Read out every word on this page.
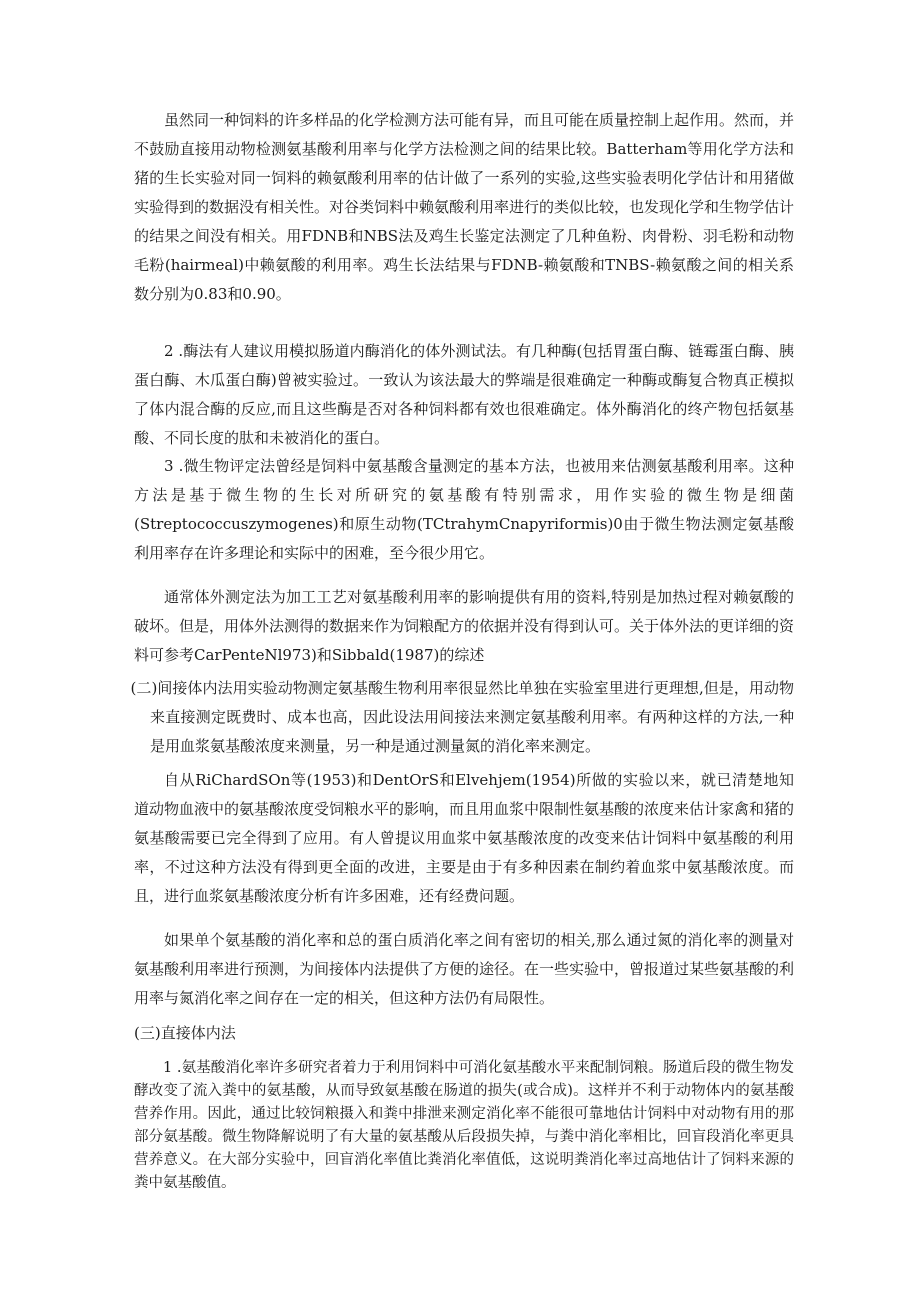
虽然同一种饲料的许多样品的化学检测方法可能有异，而且可能在质量控制上起作用。然而，并不鼓励直接用动物检测氨基酸利用率与化学方法检测之间的结果比较。Batterham等用化学方法和猪的生长实验对同一饲料的赖氨酸利用率的估计做了一系列的实验,这些实验表明化学估计和用猪做实验得到的数据没有相关性。对谷类饲料中赖氨酸利用率进行的类似比较，也发现化学和生物学估计的结果之间没有相关。用FDNB和NBS法及鸡生长鉴定法测定了几种鱼粉、肉骨粉、羽毛粉和动物毛粉(hairmeal)中赖氨酸的利用率。鸡生长法结果与FDNB-赖氨酸和TNBS-赖氨酸之间的相关系数分别为0.83和0.90。

2 .酶法有人建议用模拟肠道内酶消化的体外测试法。有几种酶(包括胃蛋白酶、链霉蛋白酶、胰蛋白酶、木瓜蛋白酶)曾被实验过。一致认为该法最大的弊端是很难确定一种酶或酶复合物真正模拟了体内混合酶的反应,而且这些酶是否对各种饲料都有效也很难确定。体外酶消化的终产物包括氨基酸、不同长度的肽和未被消化的蛋白。

3 .微生物评定法曾经是饲料中氨基酸含量测定的基本方法，也被用来估测氨基酸利用率。这种方法是基于微生物的生长对所研究的氨基酸有特别需求，用作实验的微生物是细菌(Streptococcuszymogenes)和原生动物(TCtrahymCnapyriformis)0由于微生物法测定氨基酸利用率存在许多理论和实际中的困难，至今很少用它。

通常体外测定法为加工工艺对氨基酸利用率的影响提供有用的资料,特别是加热过程对赖氨酸的破坏。但是，用体外法测得的数据来作为饲粮配方的依据并没有得到认可。关于体外法的更详细的资料可参考CarPenteNl973)和Sibbald(1987)的综述

(二)间接体内法用实验动物测定氨基酸生物利用率很显然比单独在实验室里进行更理想,但是，用动物来直接测定既费时、成本也高，因此设法用间接法来测定氨基酸利用率。有两种这样的方法,一种是用血浆氨基酸浓度来测量，另一种是通过测量氮的消化率来测定。

自从RiChardSOn等(1953)和DentOrS和Elvehjem(1954)所做的实验以来，就已清楚地知道动物血液中的氨基酸浓度受饲粮水平的影响，而且用血浆中限制性氨基酸的浓度来估计家禽和猪的氨基酸需要已完全得到了应用。有人曾提议用血浆中氨基酸浓度的改变来估计饲料中氨基酸的利用率，不过这种方法没有得到更全面的改进，主要是由于有多种因素在制约着血浆中氨基酸浓度。而且，进行血浆氨基酸浓度分析有许多困难，还有经费问题。

如果单个氨基酸的消化率和总的蛋白质消化率之间有密切的相关,那么通过氮的消化率的测量对氨基酸利用率进行预测，为间接体内法提供了方便的途径。在一些实验中，曾报道过某些氨基酸的利用率与氮消化率之间存在一定的相关，但这种方法仍有局限性。

(三)直接体内法

1 .氨基酸消化率许多研究者着力于利用饲料中可消化氨基酸水平来配制饲粮。肠道后段的微生物发酵改变了流入粪中的氨基酸，从而导致氨基酸在肠道的损失(或合成)。这样并不利于动物体内的氨基酸营养作用。因此，通过比较饲粮摄入和粪中排泄来测定消化率不能很可靠地估计饲料中对动物有用的那部分氨基酸。微生物降解说明了有大量的氨基酸从后段损失掉，与粪中消化率相比，回盲段消化率更具营养意义。在大部分实验中，回盲消化率值比粪消化率值低，这说明粪消化率过高地估计了饲料来源的粪中氨基酸值。
